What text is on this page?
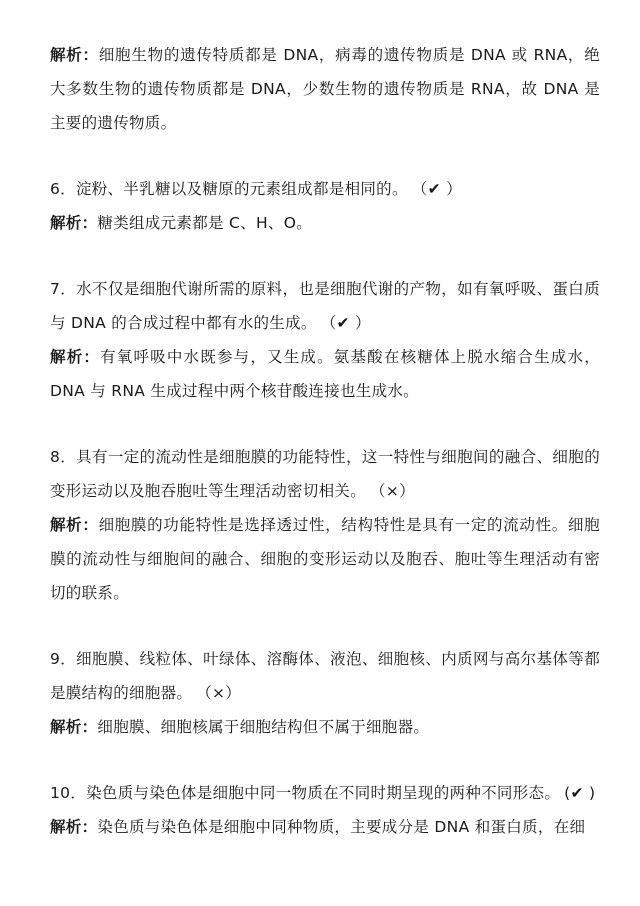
解析：细胞生物的遗传特质都是 DNA，病毒的遗传物质是 DNA 或 RNA，绝大多数生物的遗传物质都是 DNA，少数生物的遗传物质是 RNA，故 DNA 是主要的遗传物质。

6．淀粉、半乳糖以及糖原的元素组成都是相同的。 （✔ ）

解析：糖类组成元素都是 C、H、O。

7．水不仅是细胞代谢所需的原料，也是细胞代谢的产物，如有氧呼吸、蛋白质与 DNA 的合成过程中都有水的生成。 （✔ ）

解析：有氧呼吸中水既参与，又生成。氨基酸在核糖体上脱水缩合生成水，DNA 与 RNA 生成过程中两个核苷酸连接也生成水。

8．具有一定的流动性是细胞膜的功能特性，这一特性与细胞间的融合、细胞的变形运动以及胞吞胞吐等生理活动密切相关。 （×）

解析：细胞膜的功能特性是选择透过性，结构特性是具有一定的流动性。细胞膜的流动性与细胞间的融合、细胞的变形运动以及胞吞、胞吐等生理活动有密切的联系。

9．细胞膜、线粒体、叶绿体、溶酶体、液泡、细胞核、内质网与高尔基体等都是膜结构的细胞器。 （×）

解析：细胞膜、细胞核属于细胞结构但不属于细胞器。

10．染色质与染色体是细胞中同一物质在不同时期呈现的两种不同形态。 (✔ )

解析：染色质与染色体是细胞中同种物质，主要成分是 DNA 和蛋白质，在细
